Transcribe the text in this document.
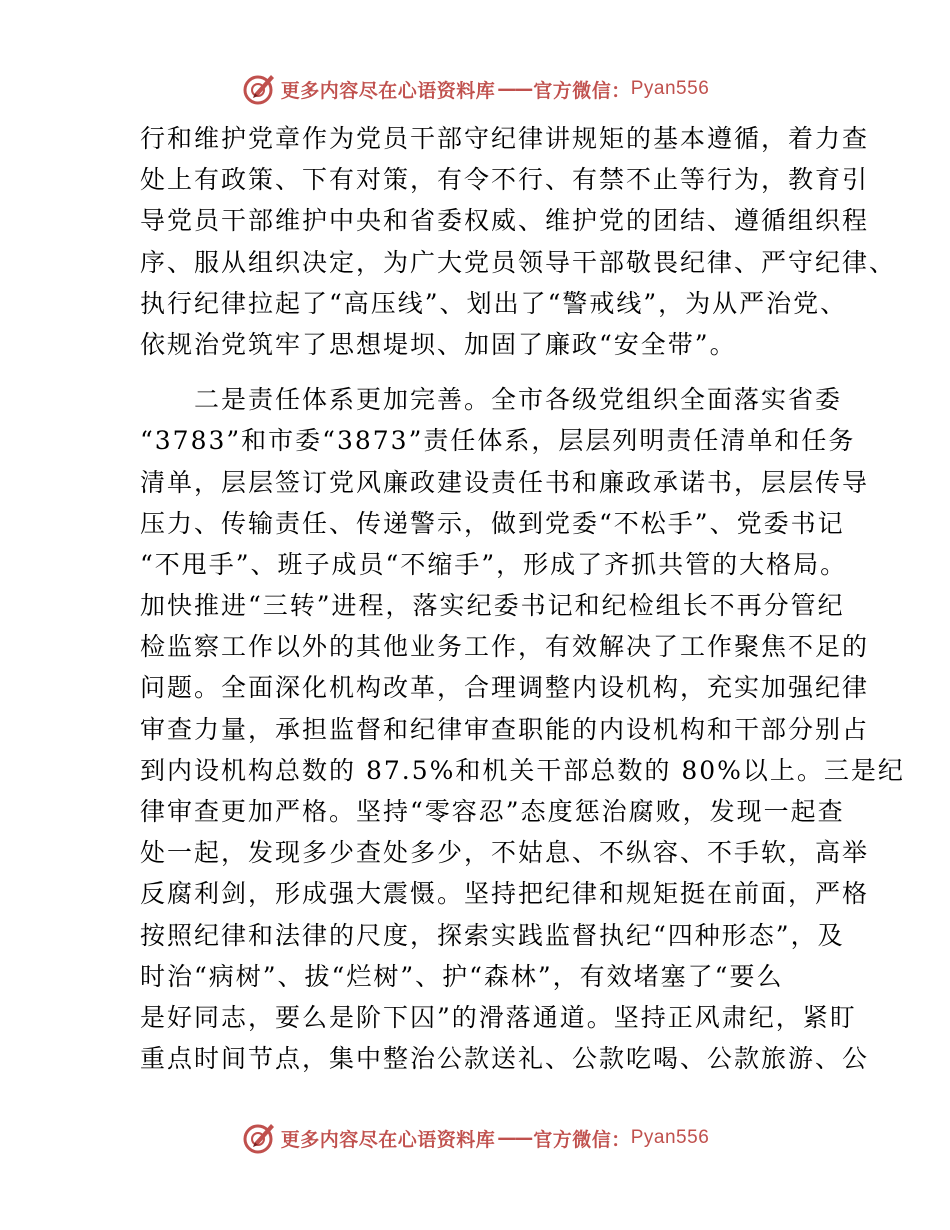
更多内容尽在心语资料库 —— 官方微信： Pyan556
行和维护党章作为党员干部守纪律讲规矩的基本遵循，着力查
处上有政策、下有对策，有令不行、有禁不止等行为，教育引
导党员干部维护中央和省委权威、维护党的团结、遵循组织程
序、服从组织决定，为广大党员领导干部敬畏纪律、严守纪律、
执行纪律拉起了“高压线”、划出了“警戒线”，为从严治党、
依规治党筑牢了思想堤坝、加固了廉政“安全带”。
　　二是责任体系更加完善。全市各级党组织全面落实省委
“3783”和市委“3873”责任体系，层层列明责任清单和任务
清单，层层签订党风廉政建设责任书和廉政承诺书，层层传导
压力、传输责任、传递警示，做到党委“不松手”、党委书记
“不甩手”、班子成员“不缩手”，形成了齐抓共管的大格局。
加快推进“三转”进程，落实纪委书记和纪检组长不再分管纪
检监察工作以外的其他业务工作，有效解决了工作聚焦不足的
问题。全面深化机构改革，合理调整内设机构，充实加强纪律
审查力量，承担监督和纪律审查职能的内设机构和干部分别占
到内设机构总数的 87.5%和机关干部总数的 80%以上。三是纪
律审查更加严格。坚持“零容忍”态度惩治腐败，发现一起查
处一起，发现多少查处多少，不姑息、不纵容、不手软，高举
反腐利剑，形成强大震慑。坚持把纪律和规矩挺在前面，严格
按照纪律和法律的尺度，探索实践监督执纪“四种形态”，及
时治“病树”、拔“烂树”、护“森林”，有效堵塞了“要么
是好同志，要么是阶下囚”的滑落通道。坚持正风肃纪，紧盯
重点时间节点，集中整治公款送礼、公款吃喝、公款旅游、公
更多内容尽在心语资料库 —— 官方微信： Pyan556
